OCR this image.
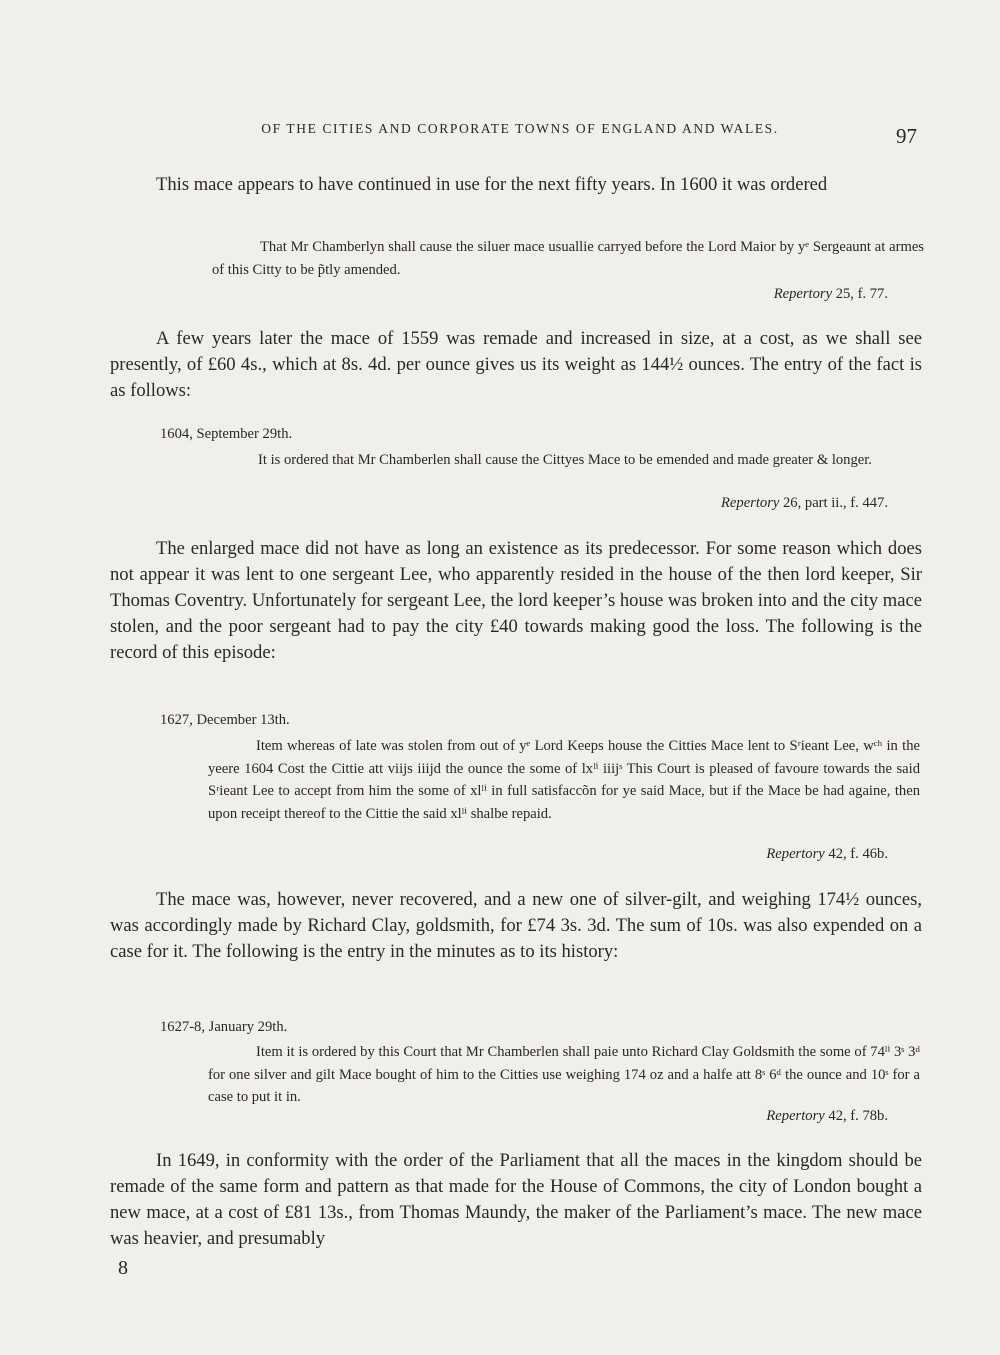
OF THE CITIES AND CORPORATE TOWNS OF ENGLAND AND WALES.	97

This mace appears to have continued in use for the next fifty years. In 1600 it was ordered

That Mr Chamberlyn shall cause the siluer mace usuallie carryed before the Lord Maior by yᵉ Sergeaunt at armes of this Citty to be p̃tly amended.

Repertory 25, f. 77.

A few years later the mace of 1559 was remade and increased in size, at a cost, as we shall see presently, of £60 4s., which at 8s. 4d. per ounce gives us its weight as 144½ ounces. The entry of the fact is as follows:

1604, September 29th.

It is ordered that Mr Chamberlen shall cause the Cittyes Mace to be emended and made greater & longer.

Repertory 26, part ii., f. 447.

The enlarged mace did not have as long an existence as its predecessor. For some reason which does not appear it was lent to one sergeant Lee, who apparently resided in the house of the then lord keeper, Sir Thomas Coventry. Unfortunately for sergeant Lee, the lord keeper’s house was broken into and the city mace stolen, and the poor sergeant had to pay the city £40 towards making good the loss. The following is the record of this episode:

1627, December 13th.

Item whereas of late was stolen from out of yᵉ Lord Keeps house the Citties Mace lent to Sʳieant Lee, wᶜʰ in the yeere 1604 Cost the Cittie att viijs iiijd the ounce the some of lxˡⁱ iiijˢ This Court is pleased of favoure towards the said Sʳieant Lee to accept from him the some of xlˡⁱ in full satisfaccõn for ye said Mace, but if the Mace be had againe, then upon receipt thereof to the Cittie the said xlˡⁱ shalbe repaid.

Repertory 42, f. 46b.

The mace was, however, never recovered, and a new one of silver-gilt, and weighing 174½ ounces, was accordingly made by Richard Clay, goldsmith, for £74 3s. 3d. The sum of 10s. was also expended on a case for it. The following is the entry in the minutes as to its history:

1627-8, January 29th.

Item it is ordered by this Court that Mr Chamberlen shall paie unto Richard Clay Goldsmith the some of 74ˡⁱ 3ˢ 3ᵈ for one silver and gilt Mace bought of him to the Citties use weighing 174 oz and a halfe att 8ˢ 6ᵈ the ounce and 10ˢ for a case to put it in.

Repertory 42, f. 78b.

In 1649, in conformity with the order of the Parliament that all the maces in the kingdom should be remade of the same form and pattern as that made for the House of Commons, the city of London bought a new mace, at a cost of £81 13s., from Thomas Maundy, the maker of the Parliament’s mace. The new mace was heavier, and presumably

8
